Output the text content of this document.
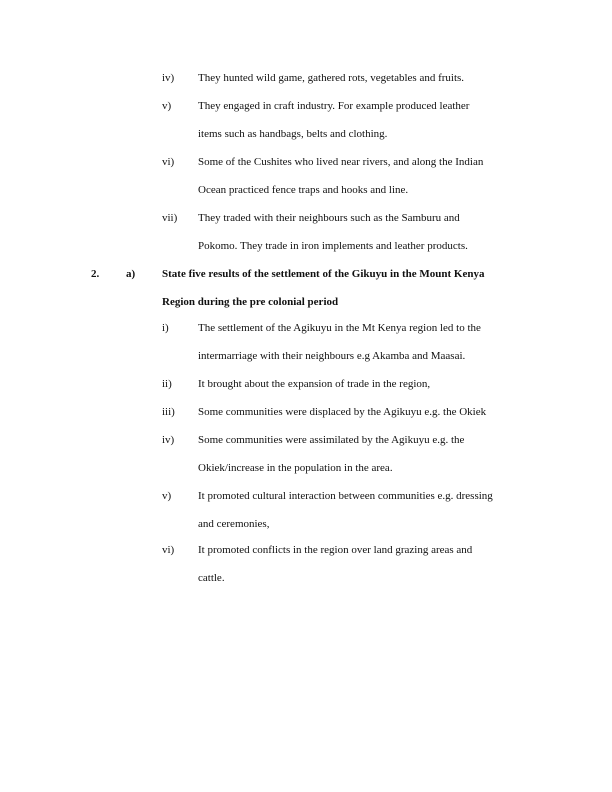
iv) They hunted wild game, gathered rots, vegetables and fruits.
v) They engaged in craft industry. For example produced leather
items such as handbags, belts and clothing.
vi) Some of the Cushites who lived near rivers, and along the Indian
Ocean practiced fence traps and hooks and line.
vii) They traded with their neighbours such as the Samburu and
Pokomo. They trade in iron implements and leather products.
2. a) State five results of the settlement of the Gikuyu in the Mount Kenya
Region during the pre colonial period
i)	The settlement of the Agikuyu in the Mt Kenya region led to the
intermarriage with their neighbours e.g Akamba and Maasai.
ii) It brought about the expansion of trade in the region,
iii) Some communities were displaced by the Agikuyu e.g. the Okiek
iv) Some communities were assimilated by the Agikuyu e.g. the
Okiek/increase in the population in the area.
v) It promoted cultural interaction between communities e.g. dressing
and ceremonies,
vi) It promoted conflicts in the region over land grazing areas and
cattle.
